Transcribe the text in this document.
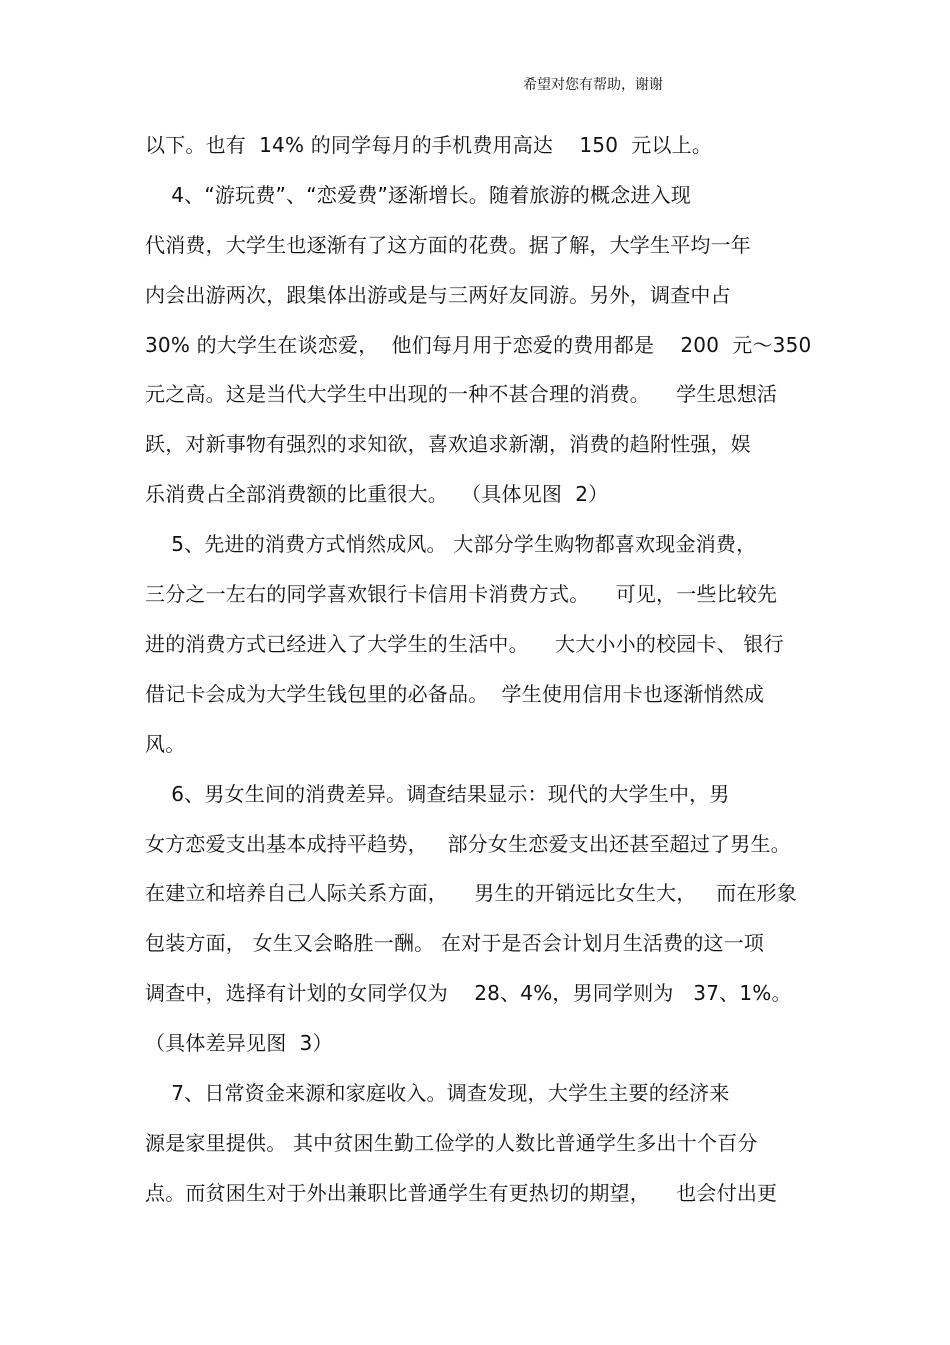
希望对您有帮助，谢谢
以下。也有  14% 的同学每月的手机费用高达    150  元以上。
4、“游玩费”、“恋爱费”逐渐增长。随着旅游的概念进入现
代消费，大学生也逐渐有了这方面的花费。据了解，大学生平均一年
内会出游两次，跟集体出游或是与三两好友同游。另外，调查中占
30% 的大学生在谈恋爱，  他们每月用于恋爱的费用都是    200  元～350
元之高。这是当代大学生中出现的一种不甚合理的消费。    学生思想活
跃，对新事物有强烈的求知欲，喜欢追求新潮，消费的趋附性强，娱
乐消费占全部消费额的比重很大。  （具体见图  2）
5、先进的消费方式悄然成风。 大部分学生购物都喜欢现金消费，
三分之一左右的同学喜欢银行卡信用卡消费方式。    可见，一些比较先
进的消费方式已经进入了大学生的生活中。    大大小小的校园卡、 银行
借记卡会成为大学生钱包里的必备品。  学生使用信用卡也逐渐悄然成
风。
6、男女生间的消费差异。调查结果显示：现代的大学生中，男
女方恋爱支出基本成持平趋势，   部分女生恋爱支出还甚至超过了男生。
在建立和培养自己人际关系方面，    男生的开销远比女生大，   而在形象
包装方面， 女生又会略胜一酬。 在对于是否会计划月生活费的这一项
调查中，选择有计划的女同学仅为    28、4%，男同学则为   37、1%。
（具体差异见图  3）
7、日常资金来源和家庭收入。调查发现，大学生主要的经济来
源是家里提供。 其中贫困生勤工俭学的人数比普通学生多出十个百分
点。而贫困生对于外出兼职比普通学生有更热切的期望，    也会付出更
